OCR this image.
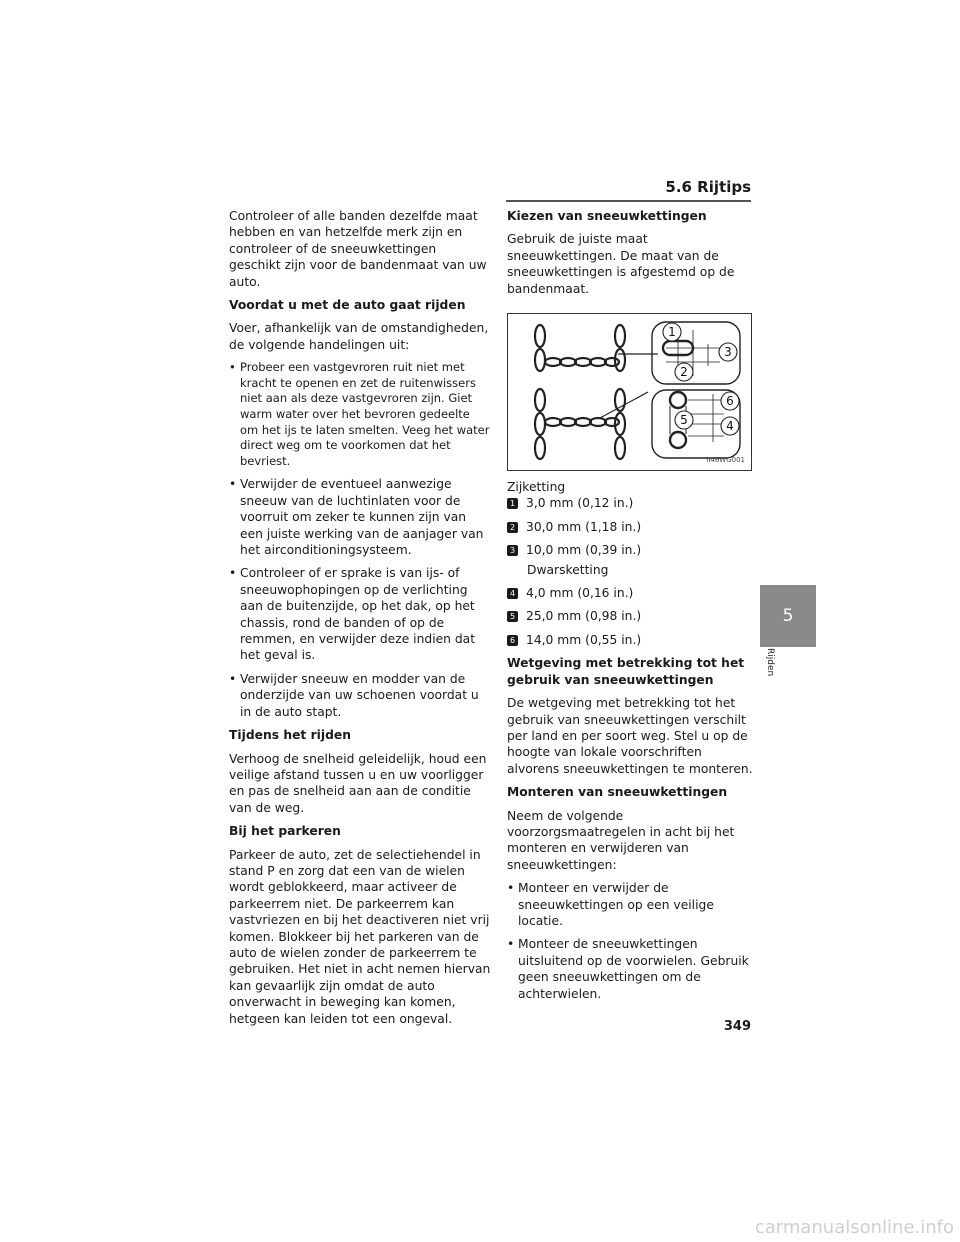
5.6 Rijtips

Controleer of alle banden dezelfde maat hebben en van hetzelfde merk zijn en controleer of de sneeuwkettingen geschikt zijn voor de bandenmaat van uw auto.

Voordat u met de auto gaat rijden

Voer, afhankelijk van de omstandigheden, de volgende handelingen uit:

• Probeer een vastgevroren ruit niet met kracht te openen en zet de ruitenwissers niet aan als deze vastgevroren zijn. Giet warm water over het bevroren gedeelte om het ijs te laten smelten. Veeg het water direct weg om te voorkomen dat het bevriest.
• Verwijder de eventueel aanwezige sneeuw van de luchtinlaten voor de voorruit om zeker te kunnen zijn van een juiste werking van de aanjager van het airconditioningsysteem.
• Controleer of er sprake is van ijs- of sneeuwophopingen op de verlichting aan de buitenzijde, op het dak, op het chassis, rond de banden of op de remmen, en verwijder deze indien dat het geval is.
• Verwijder sneeuw en modder van de onderzijde van uw schoenen voordat u in de auto stapt.
Tijdens het rijden

Verhoog de snelheid geleidelijk, houd een veilige afstand tussen u en uw voorligger en pas de snelheid aan aan de conditie van de weg.

Bij het parkeren

Parkeer de auto, zet de selectiehendel in stand P en zorg dat een van de wielen wordt geblokkeerd, maar activeer de parkeerrem niet. De parkeerrem kan vastvriezen en bij het deactiveren niet vrij komen. Blokkeer bij het parkeren van de auto de wielen zonder de parkeerrem te gebruiken. Het niet in acht nemen hiervan kan gevaarlijk zijn omdat de auto onverwacht in beweging kan komen, hetgeen kan leiden tot een ongeval.

Kiezen van sneeuwkettingen

Gebruik de juiste maat sneeuwkettingen. De maat van de sneeuwkettingen is afgestemd op de bandenmaat.

1
2
3
4
5
6
II46WG001
Zijketting
1 3,0 mm (0,12 in.)
2 30,0 mm (1,18 in.)
3 10,0 mm (0,39 in.)
Dwarsketting
4 4,0 mm (0,16 in.)
5 25,0 mm (0,98 in.)
6 14,0 mm (0,55 in.)
Wetgeving met betrekking tot het gebruik van sneeuwkettingen

De wetgeving met betrekking tot het gebruik van sneeuwkettingen verschilt per land en per soort weg. Stel u op de hoogte van lokale voorschriften alvorens sneeuwkettingen te monteren.

Monteren van sneeuwkettingen

Neem de volgende voorzorgsmaatregelen in acht bij het monteren en verwijderen van sneeuwkettingen:

• Monteer en verwijder de sneeuwkettingen op een veilige locatie.
• Monteer de sneeuwkettingen uitsluitend op de voorwielen. Gebruik geen sneeuwkettingen om de achterwielen.
5
Rijden
349
carmanualsonline.info
